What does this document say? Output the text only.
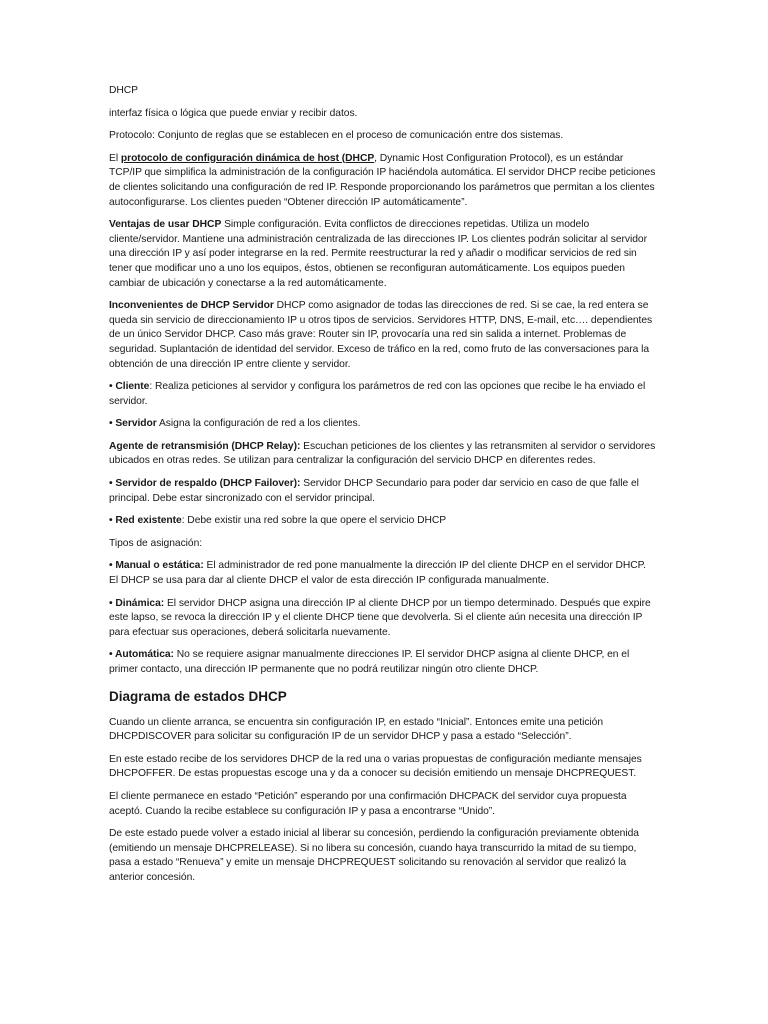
DHCP

interfaz física o lógica que puede enviar y recibir datos.

Protocolo: Conjunto de reglas que se establecen en el proceso de comunicación entre dos sistemas.

El protocolo de configuración dinámica de host (DHCP, Dynamic Host Configuration Protocol), es un estándar TCP/IP que simplifica la administración de la configuración IP haciéndola automática. El servidor DHCP recibe peticiones de clientes solicitando una configuración de red IP. Responde proporcionando los parámetros que permitan a los clientes autoconfigurarse. Los clientes pueden “Obtener dirección IP automáticamente”.

Ventajas de usar DHCP Simple configuración. Evita conflictos de direcciones repetidas. Utiliza un modelo cliente/servidor. Mantiene una administración centralizada de las direcciones IP. Los clientes podrán solicitar al servidor una dirección IP y así poder integrarse en la red. Permite reestructurar la red y añadir o modificar servicios de red sin tener que modificar uno a uno los equipos, éstos, obtienen se reconfiguran automáticamente. Los equipos pueden cambiar de ubicación y conectarse a la red automáticamente.

Inconvenientes de DHCP Servidor DHCP como asignador de todas las direcciones de red. Si se cae, la red entera se queda sin servicio de direccionamiento IP u otros tipos de servicios. Servidores HTTP, DNS, E-mail, etc…. dependientes de un único Servidor DHCP. Caso más grave: Router sin IP, provocaría una red sin salida a internet. Problemas de seguridad. Suplantación de identidad del servidor. Exceso de tráfico en la red, como fruto de las conversaciones para la obtención de una dirección IP entre cliente y servidor.

• Cliente: Realiza peticiones al servidor y configura los parámetros de red con las opciones que recibe le ha enviado el servidor.

• Servidor Asigna la configuración de red a los clientes.

Agente de retransmisión (DHCP Relay): Escuchan peticiones de los clientes y las retransmiten al servidor o servidores ubicados en otras redes. Se utilizan para centralizar la configuración del servicio DHCP en diferentes redes.

• Servidor de respaldo (DHCP Failover): Servidor DHCP Secundario para poder dar servicio en caso de que falle el principal. Debe estar sincronizado con el servidor principal.

• Red existente: Debe existir una red sobre la que opere el servicio DHCP

Tipos de asignación:

• Manual o estática: El administrador de red pone manualmente la dirección IP del cliente DHCP en el servidor DHCP. El DHCP se usa para dar al cliente DHCP el valor de esta dirección IP configurada manualmente.

• Dinámica: El servidor DHCP asigna una dirección IP al cliente DHCP por un tiempo determinado. Después que expire este lapso, se revoca la dirección IP y el cliente DHCP tiene que devolverla. Si el cliente aún necesita una dirección IP para efectuar sus operaciones, deberá solicitarla nuevamente.

• Automática: No se requiere asignar manualmente direcciones IP. El servidor DHCP asigna al cliente DHCP, en el primer contacto, una dirección IP permanente que no podrá reutilizar ningún otro cliente DHCP.

Diagrama de estados DHCP

Cuando un cliente arranca, se encuentra sin configuración IP, en estado “Inicial”. Entonces emite una petición DHCPDISCOVER para solicitar su configuración IP de un servidor DHCP y pasa a estado “Selección”.

En este estado recibe de los servidores DHCP de la red una o varias propuestas de configuración mediante mensajes DHCPOFFER. De estas propuestas escoge una y da a conocer su decisión emitiendo un mensaje DHCPREQUEST.

El cliente permanece en estado “Petición” esperando por una confirmación DHCPACK del servidor cuya propuesta aceptó. Cuando la recibe establece su configuración IP y pasa a encontrarse “Unido”.

De este estado puede volver a estado inicial al liberar su concesión, perdiendo la configuración previamente obtenida (emitiendo un mensaje DHCPRELEASE). Si no libera su concesión, cuando haya transcurrido la mitad de su tiempo, pasa a estado “Renueva” y emite un mensaje DHCPREQUEST solicitando su renovación al servidor que realizó la anterior concesión.
